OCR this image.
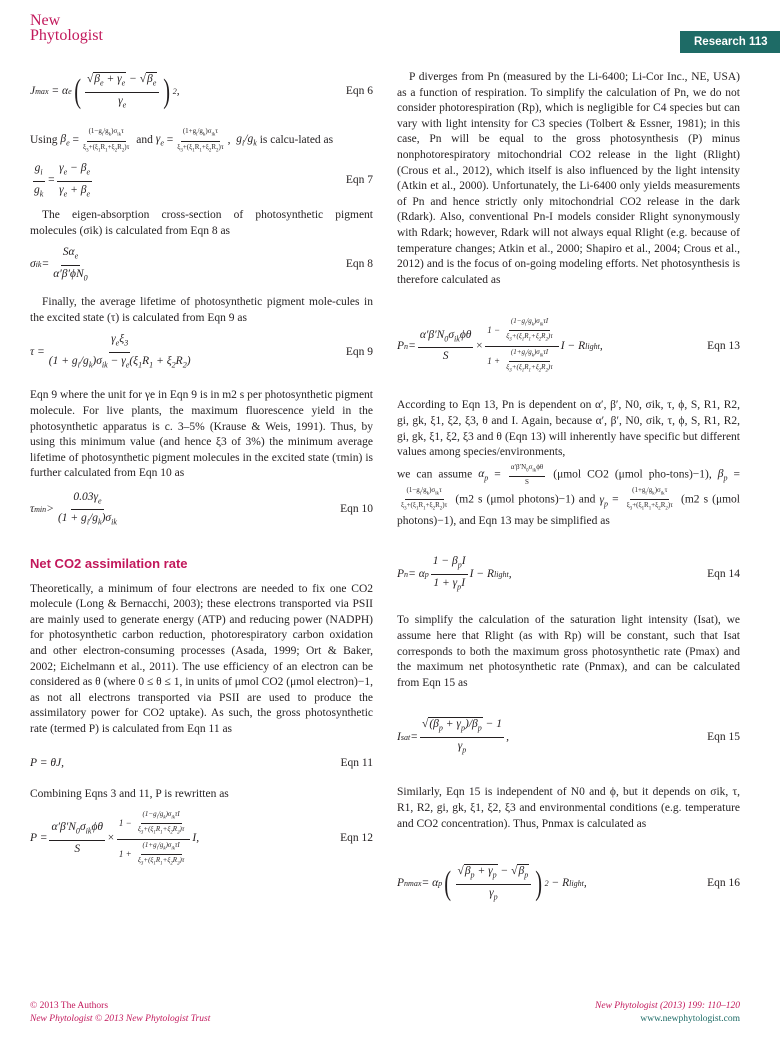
New
Phytologist	Research 113
J max = α e ( $\frac{√\beta_e + \gamma_e - √\beta_e}{\gamma_e}$ ) 2 ,	Eqn 6
Using
$\beta_e = \frac{(1-g_i/g_k)\sigma_{ik}\tau}{\xi_3+(\xi_1R_1+\xi_2R_2)\tau}$ and $\gamma_e = \frac{(1+g_i/g_k)\sigma_{ik}\tau}{\xi_3+(\xi_1R_1+\xi_2R_2)\tau}$ , $g_i/g_k$
is calcu-lated as
$\frac{g_i}{g_k} = \frac{\gamma_e - \beta_e}{\gamma_e + \beta_e}$	Eqn 7

The eigen-absorption cross-section of photosynthetic pigment molecules (σik) is calculated from Eqn 8 as

σ ik = $\frac{S\alpha_e}{\alpha'\beta'\phi N_0}$	Eqn 8

Finally, the average lifetime of photosynthetic pigment mole-cules in the excited state (τ) is calculated from Eqn 9 as

$\tau = \frac{\gamma_e\xi_3}{(1 + g_i/g_k)\sigma_{ik} - \gamma_e(\xi_1R_1 + \xi_2R_2)}$	Eqn 9

Eqn 9 where the unit for γe in Eqn 9 is in m2 s per photosynthetic pigment molecule. For live plants, the maximum fluorescence yield in the photosynthetic apparatus is c. 3–5% (Krause & Weis, 1991). Thus, by using this minimum value (and hence ξ3 of 3%) the minimum average lifetime of photosynthetic pigment molecules in the excited state (τmin) is further calculated from Eqn 10 as

τ $\min > \frac{0.03\gamma_e}{(1 + g_i/g_k)\sigma_{ik}}$	Eqn 10
Net CO2 assimilation rate

Theoretically, a minimum of four electrons are needed to fix one CO2 molecule (Long & Bernacchi, 2003); these electrons transported via PSII are mainly used to generate energy (ATP) and reducing power (NADPH) for photosynthetic carbon reduction, photorespiratory carbon oxidation and other electron-consuming processes (Asada, 1999; Ort & Baker, 2002; Eichelmann et al., 2011). The use efficiency of an electron can be considered as θ (where 0 ≤ θ ≤ 1, in units of μmol CO2 (μmol electron)−1, as not all electrons transported via PSII are used to produce the assimilatory power for CO2 uptake). As such, the gross photosynthetic rate (termed P) is calculated from Eqn 11 as

P = θJ,	Eqn 11

Combining Eqns 3 and 11, P is rewritten as

$P = \frac{\alpha'\beta'N_0\sigma_{ik}\phi\theta}{S} \times \frac{1 - \frac{(1-g_i/g_k)\sigma_{ik}\tau I}{\xi_3+(\xi_1R_1+\xi_2R_2)\tau}}{1 + \frac{(1+g_i/g_k)\sigma_{ik}\tau I}{\xi_3+(\xi_1R_1+\xi_2R_2)\tau}} I$,	Eqn 12

P diverges from Pn (measured by the Li-6400; Li-Cor Inc., NE, USA) as a function of respiration. To simplify the calculation of Pn, we do not consider photorespiration (Rp), which is negligible for C4 species but can vary with light intensity for C3 species (Tolbert & Essner, 1981); in this case, Pn will be equal to the gross photosynthesis (P) minus nonphotorespiratory mitochondrial CO2 release in the light (Rlight) (Crous et al., 2012), which itself is also influenced by the light intensity (Atkin et al., 2000). Unfortunately, the Li-6400 only yields measurements of Pn and hence strictly only mitochondrial CO2 release in the dark (Rdark). Also, conventional Pn-I models consider Rlight synonymously with Rdark; however, Rdark will not always equal Rlight (e.g. because of temperature changes; Atkin et al., 2000; Shapiro et al., 2004; Crous et al., 2012) and is the focus of on-going modeling efforts. Net photosynthesis is therefore calculated as

P $n = \frac{\alpha'\beta'N_0\sigma_{ik}\phi\theta}{S} \times \frac{1 - \frac{(1-g_i/g_k)\sigma_{ik}\tau I}{\xi_3+(\xi_1R_1+\xi_2R_2)\tau}}{1 + \frac{(1+g_i/g_k)\sigma_{ik}\tau I}{\xi_3+(\xi_1R_1+\xi_2R_2)\tau}}$ I − R light ,	Eqn 13

According to Eqn 13, Pn is dependent on α′, β′, N0, σik, τ, ϕ, S, R1, R2, gi, gk, ξ1, ξ2, ξ3, θ and I. Again, because α′, β′, N0, σik, τ, ϕ, S, R1, R2, gi, gk, ξ1, ξ2, ξ3 and θ (Eqn 13) will inherently have specific but different values among species/environments,

we can assume $\alpha_p = \frac{\alpha'\beta'N_0\sigma_{ik}\phi\theta}{S} (\mu mol$ CO2 (μmol pho-tons)−1), $\beta_p$ =
$\frac{(1-g_i/g_k)\sigma_{ik}\tau}{\xi_3+(\xi_1R_1+\xi_2R_2)\tau} (m2$ s (μmol photons)−1) and $\gamma_p = \frac{(1+g_i/g_k)\sigma_{ik}\tau}{\xi_3+(\xi_1R_1+\xi_2R_2)\tau} (m2$ s (μmol photons)−1), and Eqn 13 may be simplified as
P n = α p $\frac{1 - \beta_pI}{1 + \gamma_pI}$ I − R light ,	Eqn 14

To simplify the calculation of the saturation light intensity (Isat), we assume here that Rlight (as with Rp) will be constant, such that Isat corresponds to both the maximum gross photosynthetic rate (Pmax) and the maximum net photosynthetic rate (Pnmax), and can be calculated from Eqn 15 as

I sat = $\frac{√(\beta_p + \gamma_p)/\beta_p - 1}{\gamma_p}$ ,	Eqn 15

Similarly, Eqn 15 is independent of N0 and ϕ, but it depends on σik, τ, R1, R2, gi, gk, ξ1, ξ2, ξ3 and environmental conditions (e.g. temperature and CO2 concentration). Thus, Pnmax is calculated as

P nmax = α p ( $\frac{√\beta_p + \gamma_p - √\beta_p}{\gamma_p}$ ) 2 − R light ,	Eqn 16
© 2013 The Authors
New Phytologist © 2013 New Phytologist Trust
New Phytologist (2013) 199: 110–120
www.newphytologist.com
